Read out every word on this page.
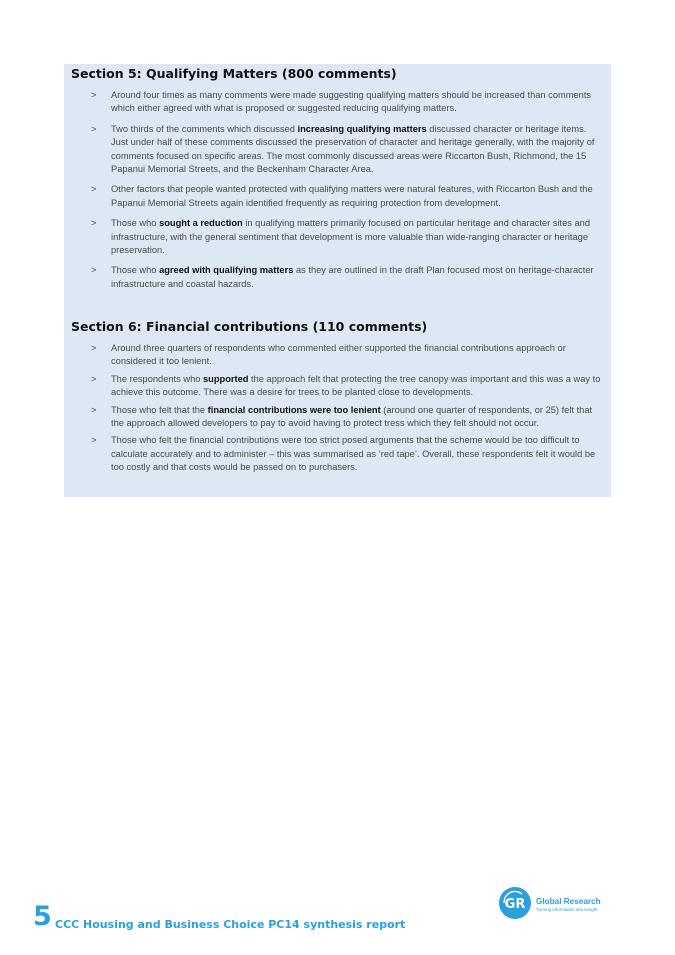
Section 5: Qualifying Matters (800 comments)
> Around four times as many comments were made suggesting qualifying matters should be increased than comments which either agreed with what is proposed or suggested reducing qualifying matters.
> Two thirds of the comments which discussed increasing qualifying matters discussed character or heritage items. Just under half of these comments discussed the preservation of character and heritage generally, with the majority of comments focused on specific areas. The most commonly discussed areas were Riccarton Bush, Richmond, the 15 Papanui Memorial Streets, and the Beckenham Character Area.
> Other factors that people wanted protected with qualifying matters were natural features, with Riccarton Bush and the Papanui Memorial Streets again identified frequently as requiring protection from development.
> Those who sought a reduction in qualifying matters primarily focused on particular heritage and character sites and infrastructure, with the general sentiment that development is more valuable than wide-ranging character or heritage preservation.
> Those who agreed with qualifying matters as they are outlined in the draft Plan focused most on heritage-character infrastructure and coastal hazards.
Section 6: Financial contributions (110 comments)
> Around three quarters of respondents who commented either supported the financial contributions approach or considered it too lenient.
> The respondents who supported the approach felt that protecting the tree canopy was important and this was a way to achieve this outcome. There was a desire for trees to be planted close to developments.
> Those who felt that the financial contributions were too lenient (around one quarter of respondents, or 25) felt that the approach allowed developers to pay to avoid having to protect tress which they felt should not occur.
> Those who felt the financial contributions were too strict posed arguments that the scheme would be too difficult to calculate accurately and to administer – this was summarised as ‘red tape’. Overall, these respondents felt it would be too costly and that costs would be passed on to purchasers.
5 CCC Housing and Business Choice PC14 synthesis report
GR Global Research
Turning information into insight
